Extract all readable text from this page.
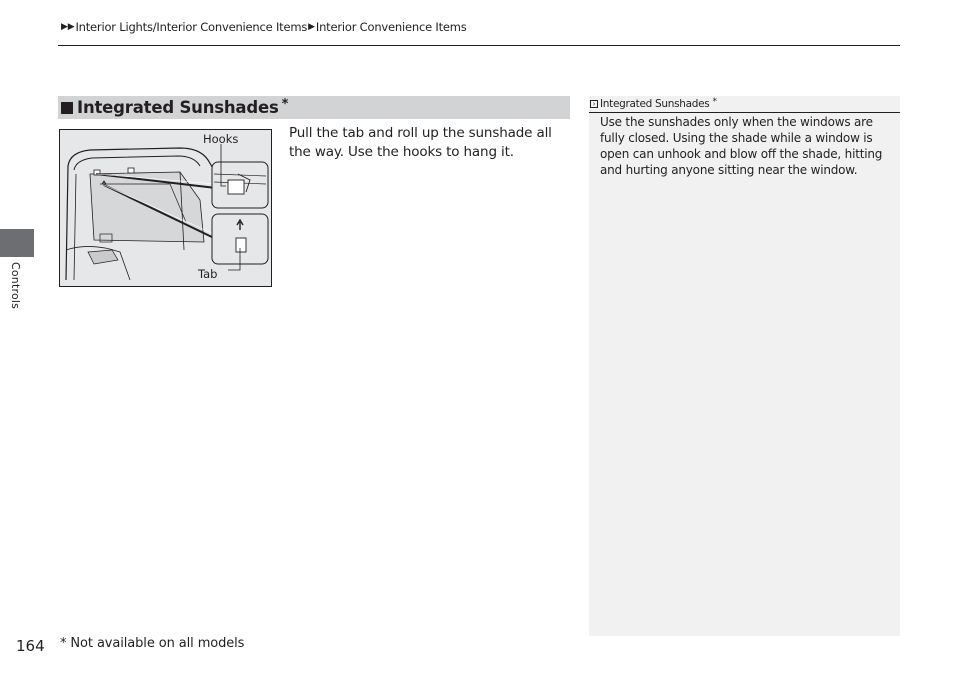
▶▶ Interior Lights/Interior Convenience Items ▶ Interior Convenience Items
Controls
Integrated Sunshades *
Hooks
Tab
Pull the tab and roll up the sunshade all the way. Use the hooks to hang it.
› Integrated Sunshades *
Use the sunshades only when the windows are fully closed. Using the shade while a window is open can unhook and blow off the shade, hitting and hurting anyone sitting near the window.
164 * Not available on all models
